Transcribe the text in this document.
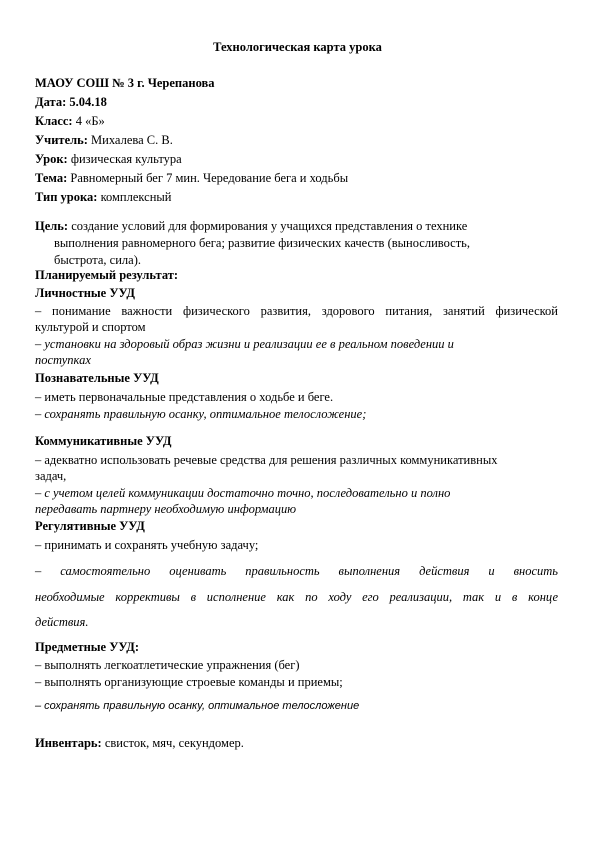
Технологическая карта урока
МАОУ СОШ № 3 г. Черепанова
Дата: 5.04.18
Класс: 4 «Б»
Учитель: Михалева С. В.
Урок: физическая культура
Тема: Равномерный бег 7 мин. Чередование бега и ходьбы
Тип урока: комплексный
Цель: создание условий для формирования у учащихся представления о технике
выполнения равномерного бега; развитие физических качеств (выносливость,
быстрота, сила).
Планируемый результат:
Личностные УУД
– понимание важности физического развития, здорового питания, занятий физической
культурой и спортом
– установки на здоровый образ жизни и реализации ее в реальном поведении и
поступках
Познавательные УУД
– иметь первоначальные представления о ходьбе и беге.
– сохранять правильную осанку, оптимальное телосложение;
Коммуникативные УУД
– адекватно использовать речевые средства для решения различных коммуникативных
задач,
– с учетом целей коммуникации достаточно точно, последовательно и полно
передавать партнеру необходимую информацию
Регулятивные УУД
– принимать и сохранять учебную задачу;
– самостоятельно оценивать правильность выполнения действия и вносить
необходимые коррективы в исполнение как по ходу его реализации, так и в конце
действия.
Предметные УУД:
– выполнять легкоатлетические упражнения (бег)
– выполнять организующие строевые команды и приемы;
– сохранять правильную осанку, оптимальное телосложение
Инвентарь: свисток, мяч, секундомер.
